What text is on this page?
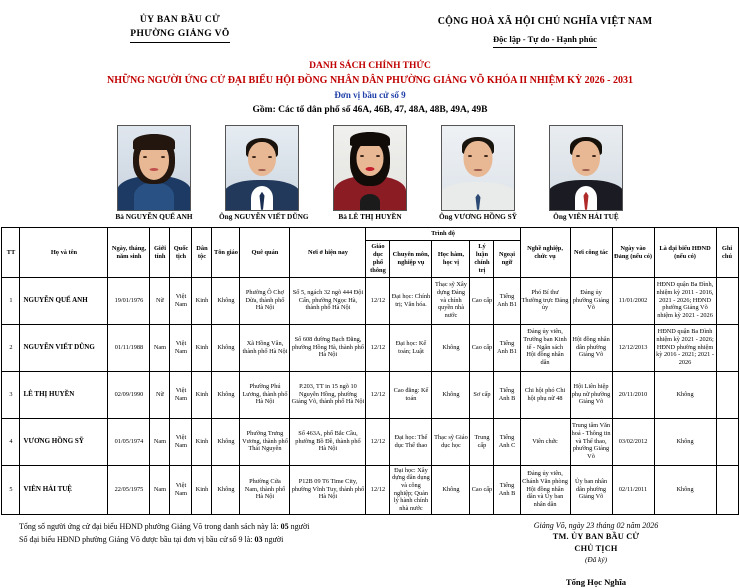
ỦY BAN BẦU CỬ
PHƯỜNG GIẢNG VÕ
CỘNG HOÀ XÃ HỘI CHỦ NGHĨA VIỆT NAM
Độc lập - Tự do - Hạnh phúc
DANH SÁCH CHÍNH THỨC
NHỮNG NGƯỜI ỨNG CỬ ĐẠI BIỂU HỘI ĐỒNG NHÂN DÂN PHƯỜNG GIẢNG VÕ KHÓA II NHIỆM KỲ 2026 - 2031
Đơn vị bầu cử số 9
Gồm: Các tổ dân phố số 46A, 46B, 47, 48A, 48B, 49A, 49B
Bà NGUYỄN QUẾ ANH	Ông NGUYỄN VIẾT DŨNG	Bà LÊ THỊ HUYỀN	Ông VƯƠNG HỒNG SỸ	Ông VIÊN HẢI TUỆ
TT	Họ và tên	Ngày, tháng, năm sinh	Giới tính	Quốc tịch	Dân tộc	Tôn giáo	Quê quán	Nơi ở hiện nay	Trình độ					Nghề nghiệp, chức vụ	Nơi công tác	Ngày vào Đảng (nếu có)	Là đại biểu HĐND (nếu có)	Ghi chú
									Giáo dục phổ thông	Chuyên môn, nghiệp vụ	Học hàm, học vị	Lý luận chính trị	Ngoại ngữ					
1	NGUYỄN QUẾ ANH	19/01/1976	Nữ	Việt Nam	Kinh	Không	Phường Ô Chợ Dừa, thành phố Hà Nội	Số 5, ngách 32 ngõ 444 Đội Cấn, phường Ngọc Hà, thành phố Hà Nội	12/12	Đại học: Chính trị; Văn hóa.	Thạc sỹ Xây dựng Đảng và chính quyền nhà nước	Cao cấp	Tiếng Anh B1	Phó Bí thư Thường trực Đảng ủy	Đảng ủy phường Giảng Võ	11/01/2002	HĐND quận Ba Đình, nhiệm kỳ 2011 - 2016, 2021 - 2026; HĐND phường Giảng Võ nhiệm kỳ 2021 - 2026	
2	NGUYỄN VIẾT DŨNG	01/11/1988	Nam	Việt Nam	Kinh	Không	Xã Hồng Vân, thành phố Hà Nội	Số 608 đường Bạch Đằng, phường Hồng Hà, thành phố Hà Nội	12/12	Đại học: Kế toán; Luật	Không	Cao cấp	Tiếng Anh B1	Đảng ủy viên, Trưởng ban Kinh tế - Ngân sách Hội đồng nhân dân	Hội đồng nhân dân phường Giảng Võ	12/12/2013	HĐND quận Ba Đình nhiệm kỳ 2021 - 2026; HĐND phường nhiệm kỳ 2016 - 2021; 2021 - 2026	
3	LÊ THỊ HUYỀN	02/09/1990	Nữ	Việt Nam	Kinh	Không	Phường Phú Lương, thành phố Hà Nội	P.203, TT in 15 ngõ 10 Nguyễn Hồng, phường Giảng Võ, thành phố Hà Nội	12/12	Cao đẳng: Kế toán	Không	Sơ cấp	Tiếng Anh B	Chi hội phó Chi hội phụ nữ 48	Hội Liên hiệp phụ nữ phường Giảng Võ	20/11/2010	Không	
4	VƯƠNG HỒNG SỸ	01/05/1974	Nam	Việt Nam	Kinh	Không	Phường Trưng Vương, thành phố Thái Nguyên	Số 463A, phố Bắc Cầu, phường Bồ Đề, thành phố Hà Nội	12/12	Đại học: Thể dục Thể thao	Thạc sỹ Giáo dục học	Trung cấp	Tiếng Anh C	Viên chức	Trung tâm Văn hoá - Thông tin và Thể thao, phường Giảng Võ	03/02/2012	Không	
5	VIÊN HẢI TUỆ	22/05/1975	Nam	Việt Nam	Kinh	Không	Phường Cửa Nam, thành phố Hà Nội	P12B 09 T6 Time City, phường Vĩnh Tuy, thành phố Hà Nội	12/12	Đại học: Xây dựng dân dụng và công nghiệp; Quản lý hành chính nhà nước	Không	Cao cấp	Tiếng Anh B	Đảng ủy viên, Chánh Văn phòng Hội đồng nhân dân và Ủy ban nhân dân	Ủy ban nhân dân phường Giảng Võ	02/11/2011	Không	
Tổng số người ứng cử đại biểu HĐND phường Giảng Võ trong danh sách này là: 05 người
Số đại biểu HĐND phường Giảng Võ được bầu tại đơn vị bầu cử số 9 là: 03 người
Giảng Võ, ngày 23 tháng 02 năm 2026
TM. ỦY BAN BẦU CỬ
CHỦ TỊCH
(Đã ký)
Tống Học Nghĩa
